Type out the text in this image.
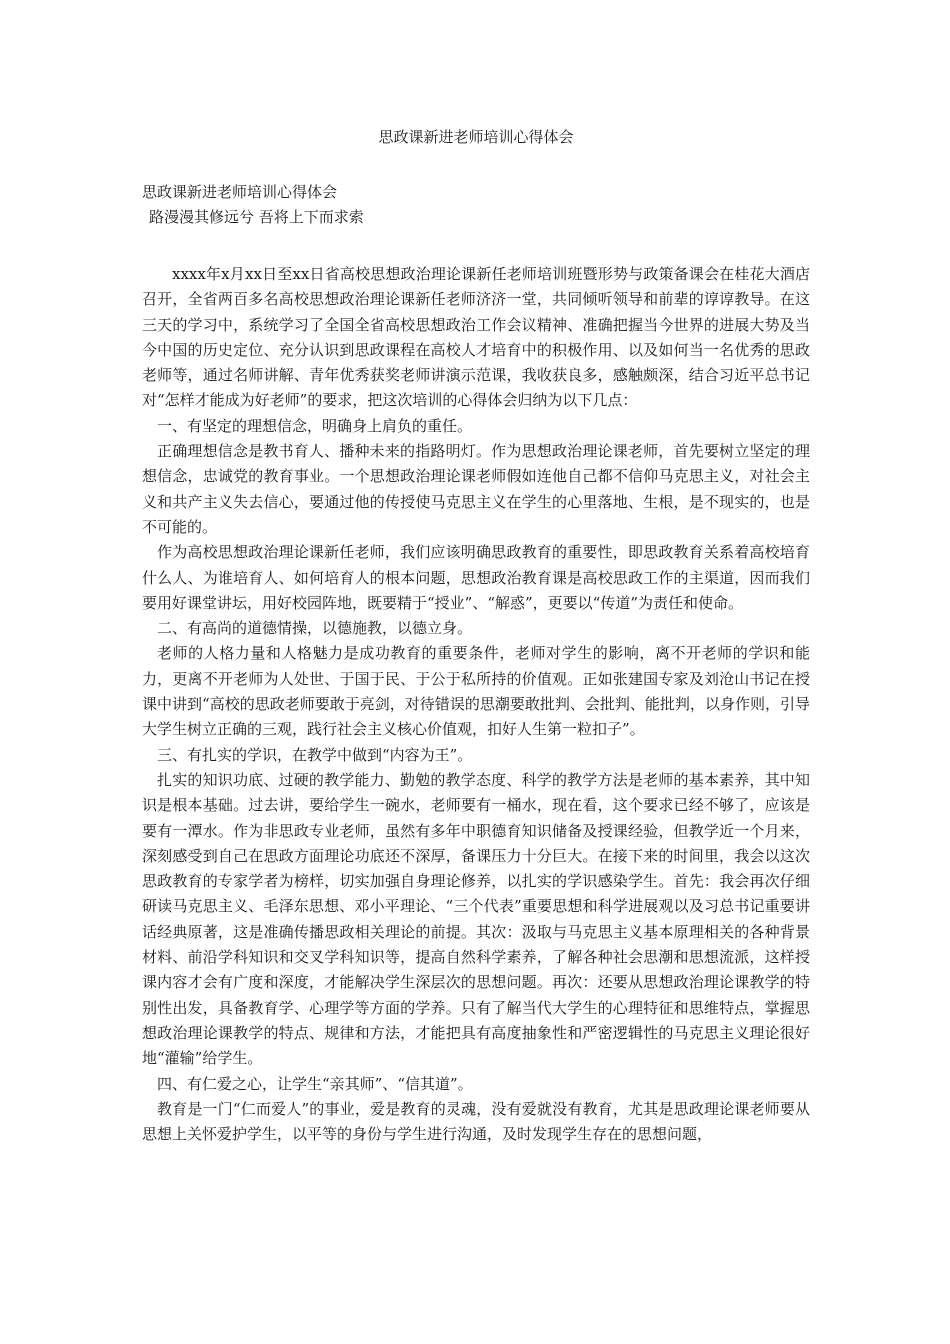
思政课新进老师培训心得体会

思政课新进老师培训心得体会

路漫漫其修远兮 吾将上下而求索

xxxx年x月xx日至xx日省高校思想政治理论课新任老师培训班暨形势与政策备课会在桂花大酒店召开，全省两百多名高校思想政治理论课新任老师济济一堂，共同倾听领导和前辈的谆谆教导。在这三天的学习中，系统学习了全国全省高校思想政治工作会议精神、准确把握当今世界的进展大势及当今中国的历史定位、充分认识到思政课程在高校人才培育中的积极作用、以及如何当一名优秀的思政老师等，通过名师讲解、青年优秀获奖老师讲演示范课，我收获良多，感触颇深，结合习近平总书记对“怎样才能成为好老师”的要求，把这次培训的心得体会归纳为以下几点：

一、有坚定的理想信念，明确身上肩负的重任。

正确理想信念是教书育人、播种未来的指路明灯。作为思想政治理论课老师，首先要树立坚定的理想信念，忠诚党的教育事业。一个思想政治理论课老师假如连他自己都不信仰马克思主义，对社会主义和共产主义失去信心，要通过他的传授使马克思主义在学生的心里落地、生根，是不现实的，也是不可能的。

作为高校思想政治理论课新任老师，我们应该明确思政教育的重要性，即思政教育关系着高校培育什么人、为谁培育人、如何培育人的根本问题，思想政治教育课是高校思政工作的主渠道，因而我们要用好课堂讲坛，用好校园阵地，既要精于“授业”、“解惑”，更要以“传道”为责任和使命。

二、有高尚的道德情操，以德施教，以德立身。

老师的人格力量和人格魅力是成功教育的重要条件，老师对学生的影响，离不开老师的学识和能力，更离不开老师为人处世、于国于民、于公于私所持的价值观。正如张建国专家及刘沧山书记在授课中讲到“高校的思政老师要敢于亮剑，对待错误的思潮要敢批判、会批判、能批判，以身作则，引导大学生树立正确的三观，践行社会主义核心价值观，扣好人生第一粒扣子”。

三、有扎实的学识，在教学中做到“内容为王”。

扎实的知识功底、过硬的教学能力、勤勉的教学态度、科学的教学方法是老师的基本素养，其中知识是根本基础。过去讲，要给学生一碗水，老师要有一桶水，现在看，这个要求已经不够了，应该是要有一潭水。作为非思政专业老师，虽然有多年中职德育知识储备及授课经验，但教学近一个月来，深刻感受到自己在思政方面理论功底还不深厚，备课压力十分巨大。在接下来的时间里，我会以这次思政教育的专家学者为榜样，切实加强自身理论修养，以扎实的学识感染学生。首先：我会再次仔细研读马克思主义、毛泽东思想、邓小平理论、“三个代表”重要思想和科学进展观以及习总书记重要讲话经典原著，这是准确传播思政相关理论的前提。其次：汲取与马克思主义基本原理相关的各种背景材料、前沿学科知识和交叉学科知识等，提高自然科学素养，了解各种社会思潮和思想流派，这样授课内容才会有广度和深度，才能解决学生深层次的思想问题。再次：还要从思想政治理论课教学的特别性出发，具备教育学、心理学等方面的学养。只有了解当代大学生的心理特征和思维特点，掌握思想政治理论课教学的特点、规律和方法，才能把具有高度抽象性和严密逻辑性的马克思主义理论很好地“灌输”给学生。

四、有仁爱之心，让学生“亲其师”、“信其道”。

教育是一门“仁而爱人”的事业，爱是教育的灵魂，没有爱就没有教育，尤其是思政理论课老师要从思想上关怀爱护学生，以平等的身份与学生进行沟通，及时发现学生存在的思想问题，
